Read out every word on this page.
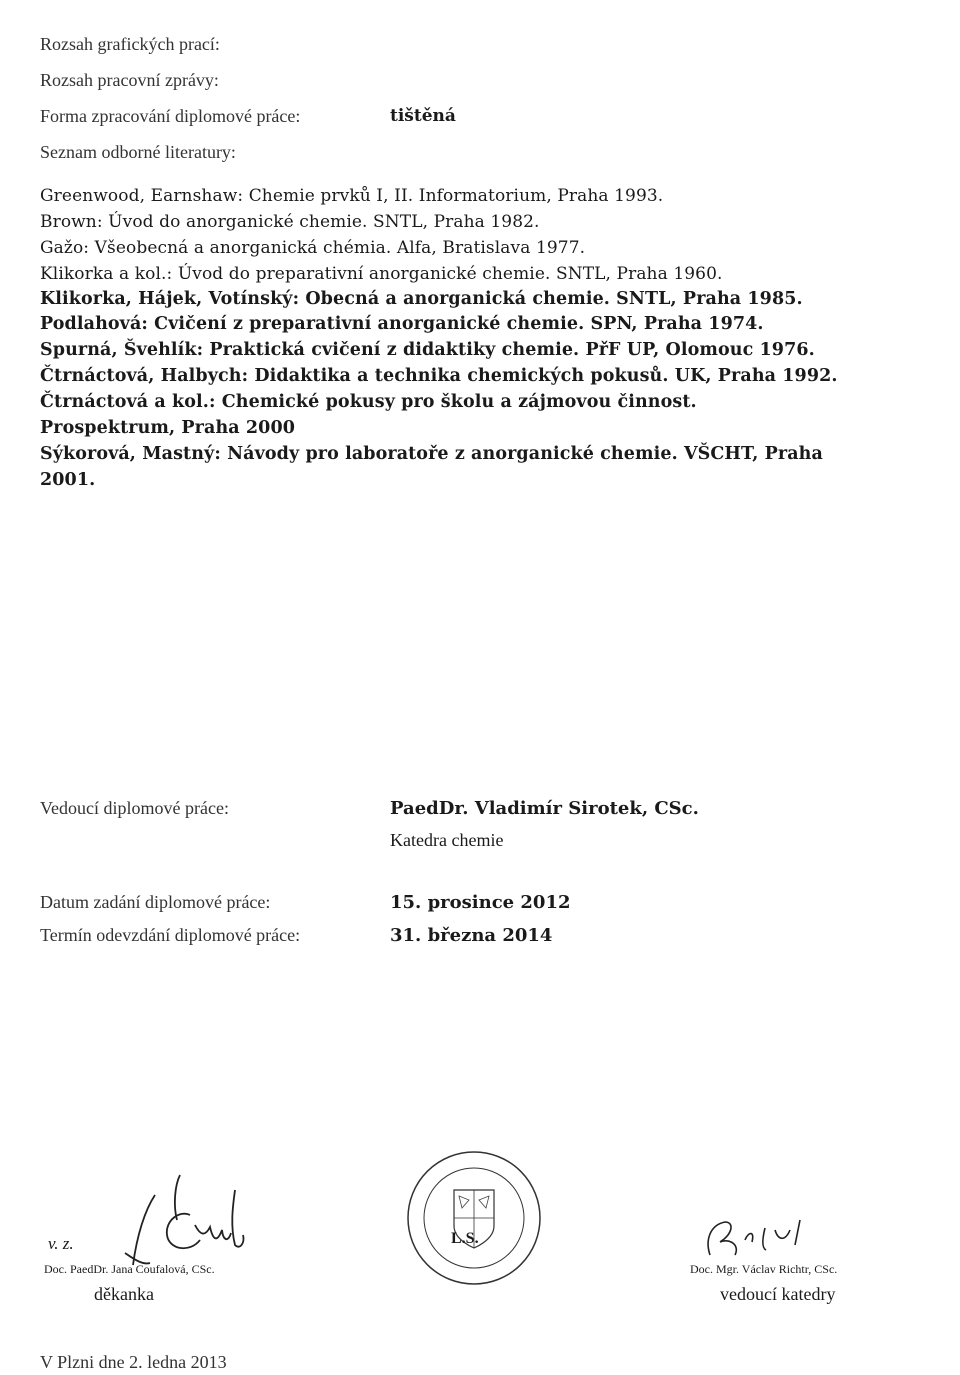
Rozsah grafických prací:
Rozsah pracovní zprávy:
Forma zpracování diplomové práce:	tištěná
Seznam odborné literatury:
Greenwood, Earnshaw: Chemie prvků I, II. Informatorium, Praha 1993.
Brown: Úvod do anorganické chemie. SNTL, Praha 1982.
Gažo: Všeobecná a anorganická chémia. Alfa, Bratislava 1977.
Klikorka a kol.: Úvod do preparativní anorganické chemie. SNTL, Praha 1960.
Klikorka, Hájek, Votínský: Obecná a anorganická chemie. SNTL, Praha 1985.
Podlahová: Cvičení z preparativní anorganické chemie. SPN, Praha 1974.
Spurná, Švehlík: Praktická cvičení z didaktiky chemie. PřF UP, Olomouc 1976.
Čtrnáctová, Halbych: Didaktika a technika chemických pokusů. UK, Praha 1992.
Čtrnáctová a kol.: Chemické pokusy pro školu a zájmovou činnost.
Prospektrum, Praha 2000
Sýkorová, Mastný: Návody pro laboratoře z anorganické chemie. VŠCHT, Praha
2001.
Vedoucí diplomové práce:	PaedDr. Vladimír Sirotek, CSc.
Katedra chemie
Datum zadání diplomové práce:	15. prosince 2012
Termín odevzdání diplomové práce:	31. března 2014
v. z.
Doc. PaedDr. Jana Coufalová, CSc.
děkanka
L.S.
Doc. Mgr. Václav Richtr, CSc.
vedoucí katedry
V Plzni dne 2. ledna 2013
